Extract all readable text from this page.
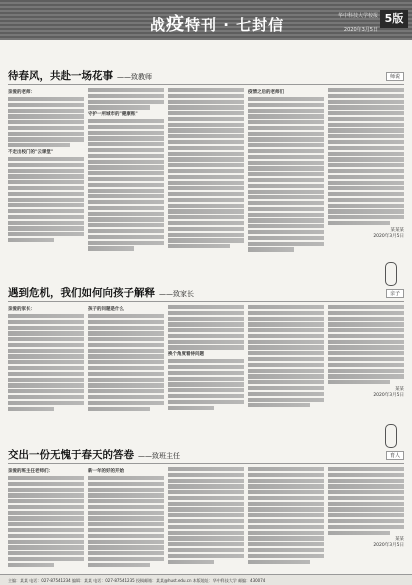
战疫特刊 · 七封信	华中科技大学校报
2020年3月5日
5版
待春风，共赴一场花事 ——致教师	师说
亲爱的老师：
不走出校门的"云课堂"
守护一所城市的"健康账"
疫情之后的老师们
某某某
2020年3月5日
遇到危机，我们如何向孩子解释 ——致家长	亲子
亲爱的家长：	孩子的问题是什么
换个角度看待问题
某某
2020年3月5日
交出一份无愧于春天的答卷 ——致班主任	育人
亲爱的班主任老师们：	新一年的好的开始
某某
2020年3月5日
主编：某某 电话：027-87541234 编辑：某某 电话：027-87541235 投稿邮箱：某某@hust.edu.cn 本版地址：华中科技大学 邮编：430074
